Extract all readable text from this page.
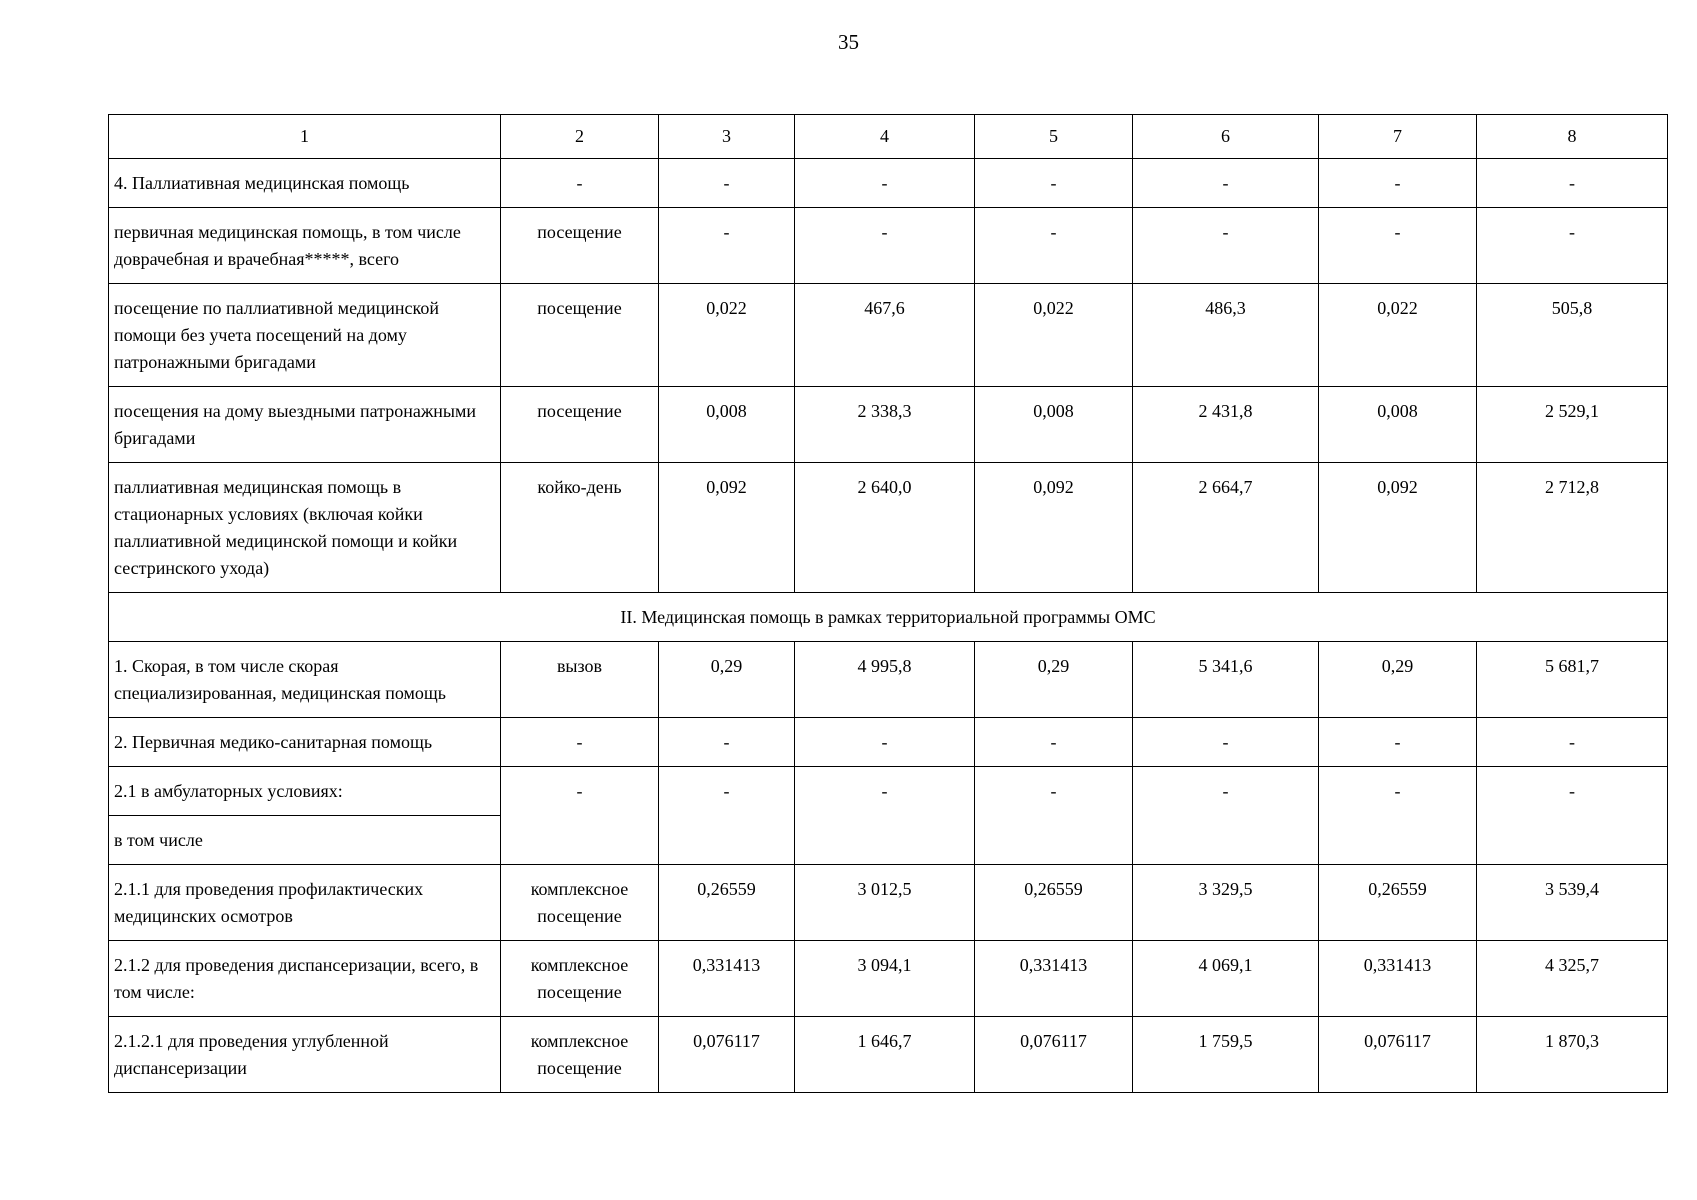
35
1	2	3	4	5	6	7	8
4. Паллиативная медицинская помощь	-	-	-	-	-	-	-
первичная медицинская помощь, в том числе доврачебная и врачебная*****, всего	посещение	-	-	-	-	-	-
посещение по паллиативной медицинской помощи без учета посещений на дому патронажными бригадами	посещение	0,022	467,6	0,022	486,3	0,022	505,8
посещения на дому выездными патронажными бригадами	посещение	0,008	2 338,3	0,008	2 431,8	0,008	2 529,1
паллиативная медицинская помощь в стационарных условиях (включая койки паллиативной медицинской помощи и койки сестринского ухода)	койко-день	0,092	2 640,0	0,092	2 664,7	0,092	2 712,8
II. Медицинская помощь в рамках территориальной программы ОМС							
1. Скорая, в том числе скорая специализированная, медицинская помощь	вызов	0,29	4 995,8	0,29	5 341,6	0,29	5 681,7
2. Первичная медико-санитарная помощь	-	-	-	-	-	-	-
2.1 в амбулаторных условиях:	-	-	-	-	-	-	-
в том числе							
2.1.1 для проведения профилактических медицинских осмотров	комплексное посещение	0,26559	3 012,5	0,26559	3 329,5	0,26559	3 539,4
2.1.2 для проведения диспансеризации, всего, в том числе:	комплексное посещение	0,331413	3 094,1	0,331413	4 069,1	0,331413	4 325,7
2.1.2.1 для проведения углубленной диспансеризации	комплексное посещение	0,076117	1 646,7	0,076117	1 759,5	0,076117	1 870,3
